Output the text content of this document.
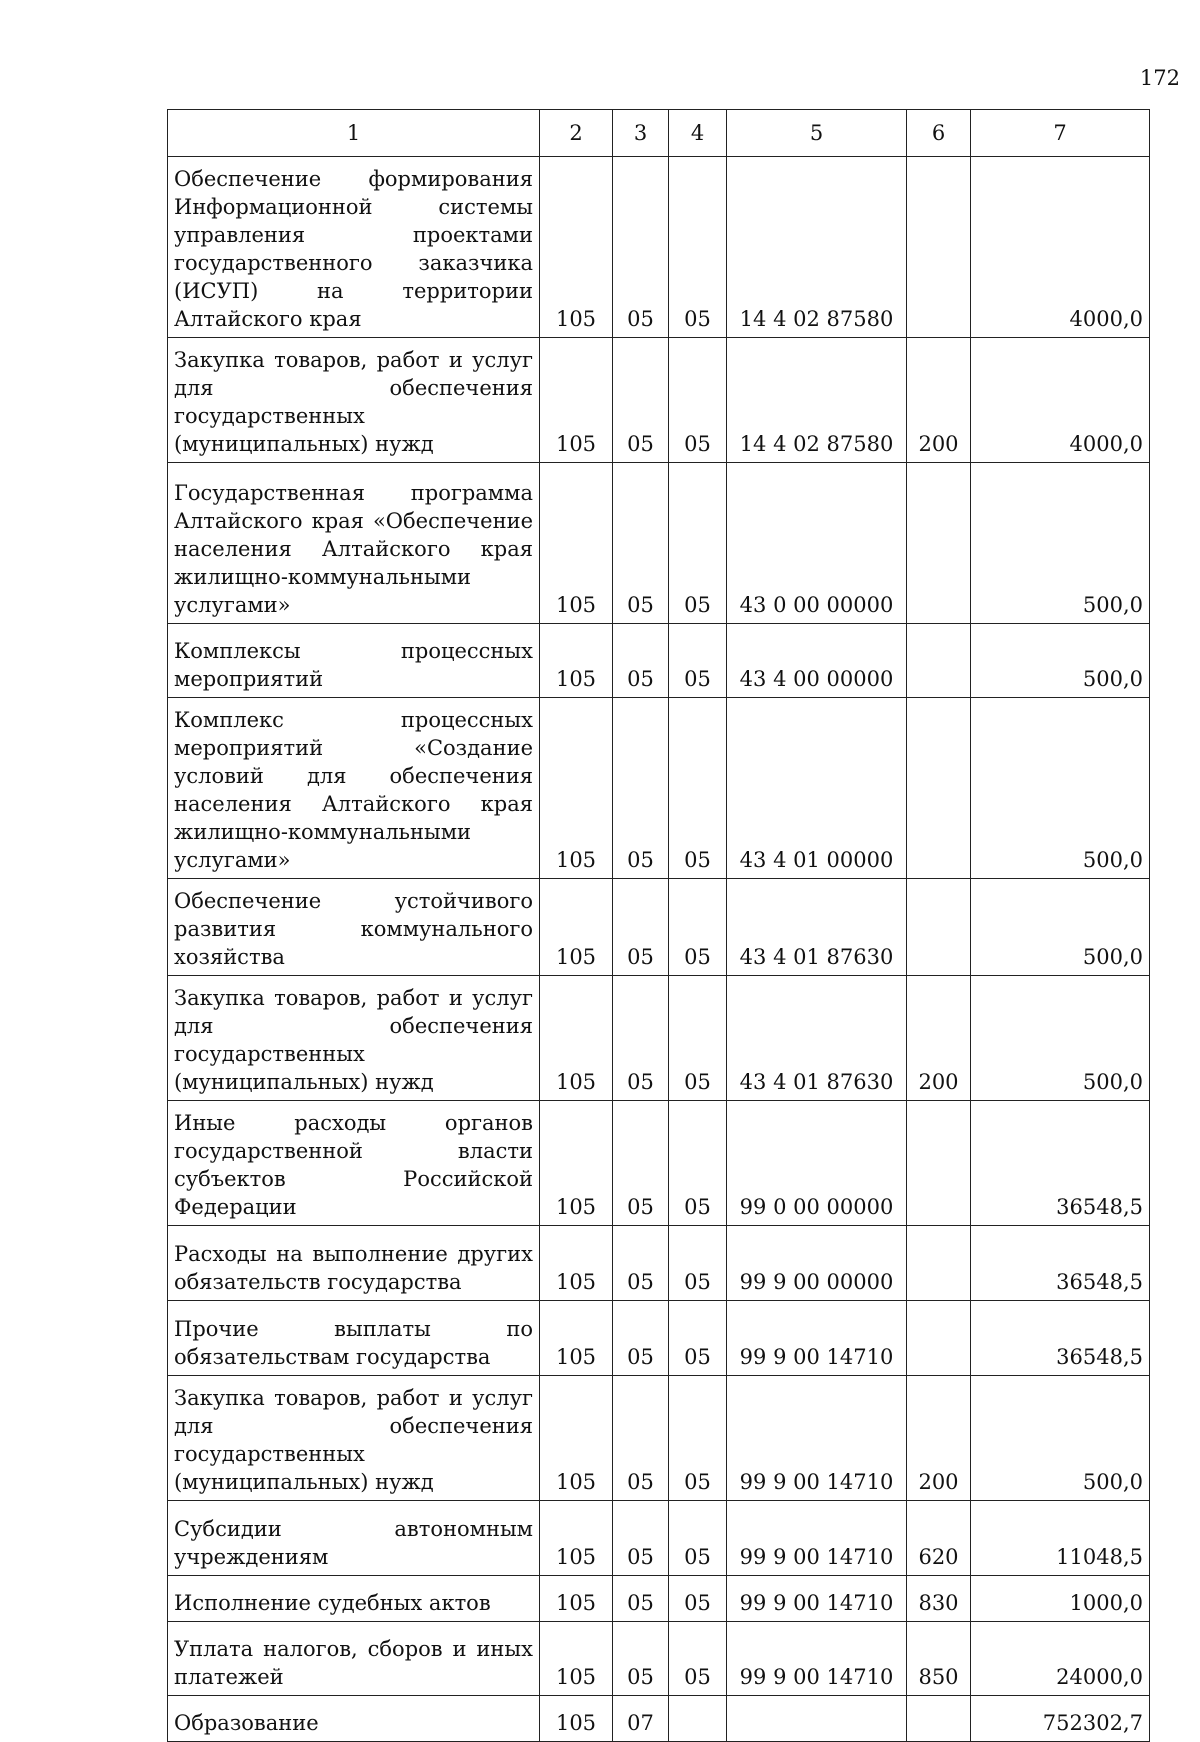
172
1	2	3	4	5	6	7
Обеспечение формирования Информационной системы управления проектами государственного заказчика (ИСУП) на территории Алтайского края	105	05	05	14 4 02 87580		4000,0
Закупка товаров, работ и услуг для обеспечения государственных (муниципальных) нужд	105	05	05	14 4 02 87580	200	4000,0
Государственная программа Алтайского края «Обеспечение населения Алтайского края жилищно-коммунальными услугами»	105	05	05	43 0 00 00000		500,0
Комплексы процессных мероприятий	105	05	05	43 4 00 00000		500,0
Комплекс процессных мероприятий «Создание условий для обеспечения населения Алтайского края жилищно-коммунальными услугами»	105	05	05	43 4 01 00000		500,0
Обеспечение устойчивого развития коммунального хозяйства	105	05	05	43 4 01 87630		500,0
Закупка товаров, работ и услуг для обеспечения государственных (муниципальных) нужд	105	05	05	43 4 01 87630	200	500,0
Иные расходы органов государственной власти субъектов Российской Федерации	105	05	05	99 0 00 00000		36548,5
Расходы на выполнение других обязательств государства	105	05	05	99 9 00 00000		36548,5
Прочие выплаты по обязательствам государства	105	05	05	99 9 00 14710		36548,5
Закупка товаров, работ и услуг для обеспечения государственных (муниципальных) нужд	105	05	05	99 9 00 14710	200	500,0
Субсидии автономным учреждениям	105	05	05	99 9 00 14710	620	11048,5
Исполнение судебных актов	105	05	05	99 9 00 14710	830	1000,0
Уплата налогов, сборов и иных платежей	105	05	05	99 9 00 14710	850	24000,0
Образование	105	07				752302,7
